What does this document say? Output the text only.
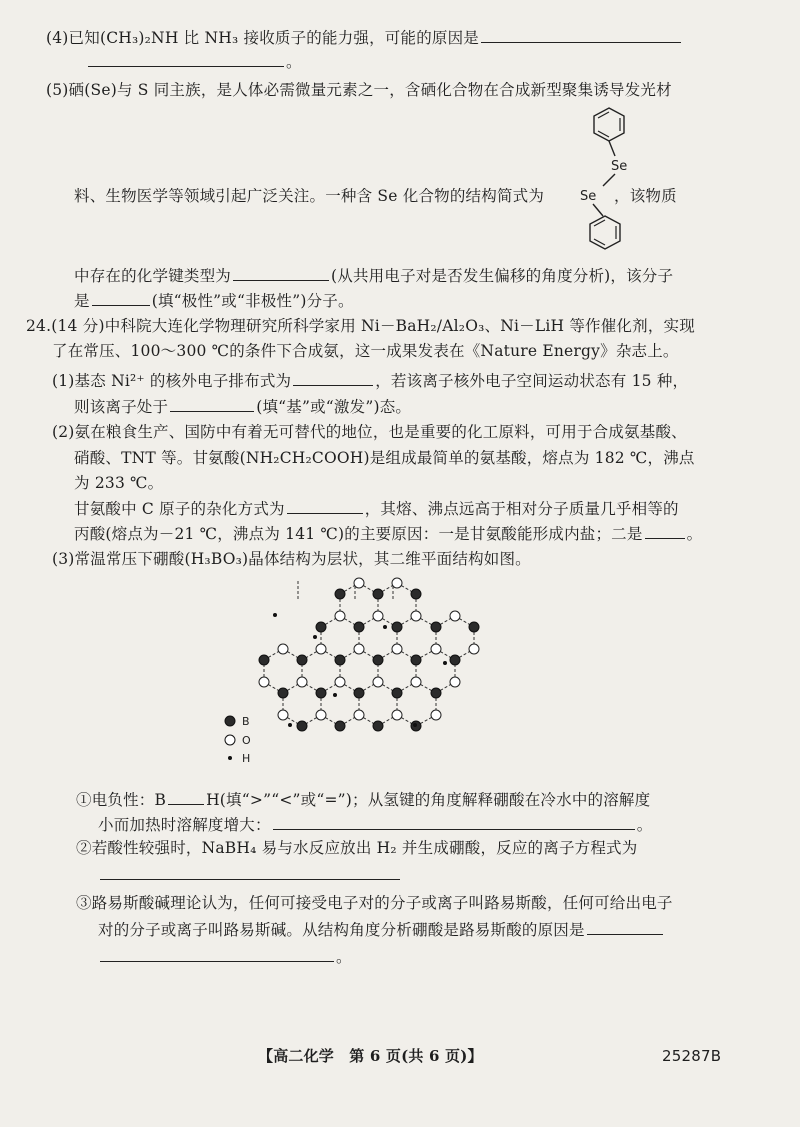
(4)已知(CH₃)₂NH 比 NH₃ 接收质子的能力强，可能的原因是
。
(5)硒(Se)与 S 同主族，是人体必需微量元素之一，含硒化合物在合成新型聚集诱导发光材
Se
Se
料、生物医学等领域引起广泛关注。一种含 Se 化合物的结构简式为	，该物质
中存在的化学键类型为	(从共用电子对是否发生偏移的角度分析)，该分子
是	(填“极性”或“非极性”)分子。
24.(14 分)中科院大连化学物理研究所科学家用 Ni－BaH₂/Al₂O₃、Ni－LiH 等作催化剂，实现
了在常压、100～300 ℃的条件下合成氨，这一成果发表在《Nature Energy》杂志上。
(1)基态 Ni²⁺ 的核外电子排布式为	，若该离子核外电子空间运动状态有 15 种，
则该离子处于	(填“基”或“激发”)态。
(2)氨在粮食生产、国防中有着无可替代的地位，也是重要的化工原料，可用于合成氨基酸、
硝酸、TNT 等。甘氨酸(NH₂CH₂COOH)是组成最简单的氨基酸，熔点为 182 ℃，沸点
为 233 ℃。
甘氨酸中 C 原子的杂化方式为	，其熔、沸点远高于相对分子质量几乎相等的
丙酸(熔点为－21 ℃，沸点为 141 ℃)的主要原因：一是甘氨酸能形成内盐；二是	。
(3)常温常压下硼酸(H₃BO₃)晶体结构为层状，其二维平面结构如图。
B
O
H
①电负性：B	H(填“>”“<”或“=”)；从氢键的角度解释硼酸在冷水中的溶解度
小而加热时溶解度增大：	。
②若酸性较强时，NaBH₄ 易与水反应放出 H₂ 并生成硼酸，反应的离子方程式为
③路易斯酸碱理论认为，任何可接受电子对的分子或离子叫路易斯酸，任何可给出电子
对的分子或离子叫路易斯碱。从结构角度分析硼酸是路易斯酸的原因是
。
【高二化学　第 6 页(共 6 页)】	25287B
